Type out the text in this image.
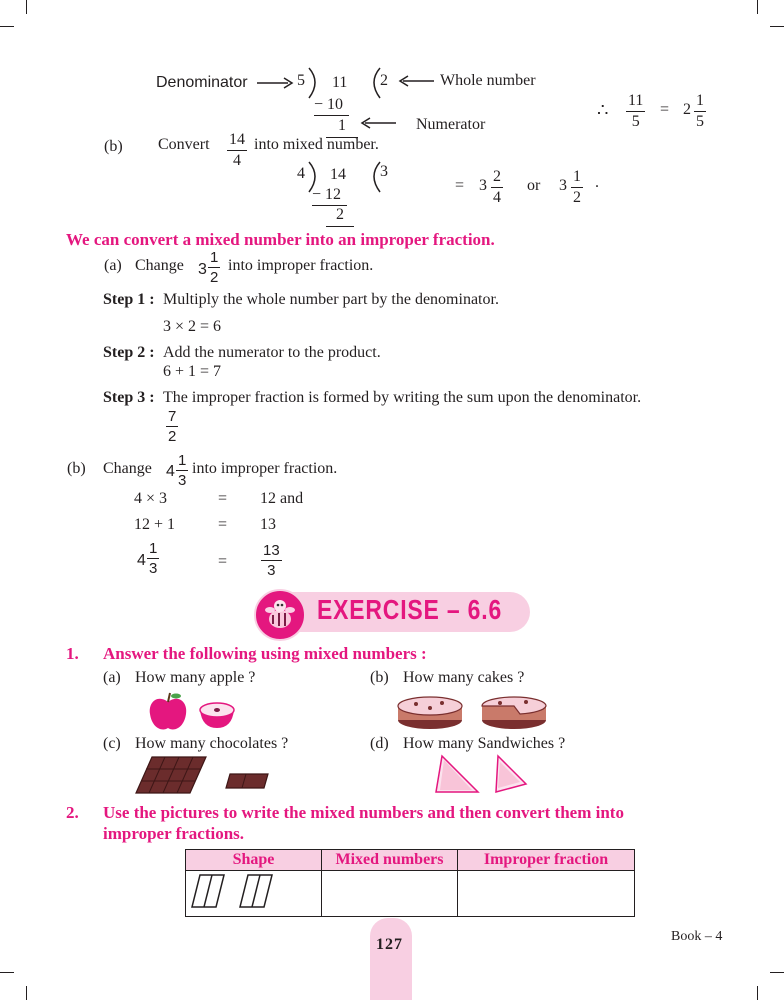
Denominator	5 11 2	Whole number
− 10
1	Numerator
∴ $\frac{11}{5} = 2 \frac{1}{5}$
(b) Convert $\frac{14}{4}$ into mixed number.
4 14 3
− 12
2
= $3 \frac{2}{4}$ or $3 \frac{1}{2}$ .
We can convert a mixed number into an improper fraction.
(a) Change $3 \frac{1}{2}$ into improper fraction.
Step 1 : Multiply the whole number part by the denominator.
3 × 2 = 6
Step 2 : Add the numerator to the product.
6 + 1 = 7
Step 3 : The improper fraction is formed by writing the sum upon the denominator.
$\frac{7}{2}$
(b) Change $4 \frac{1}{3}$ into improper fraction.
4 × 3	= 12 and
12 + 1	= 13
$4 \frac{1}{3}$	= $\frac{13}{3}$
EXERCISE – 6.6
1. Answer the following using mixed numbers :
(a) How many apple ?	(b) How many cakes ?
(c) How many chocolates ?	(d) How many Sandwiches ?
2. Use the pictures to write the mixed numbers and then convert them into
improper fractions.
Shape	Mixed numbers	Improper fraction

127	Book – 4
